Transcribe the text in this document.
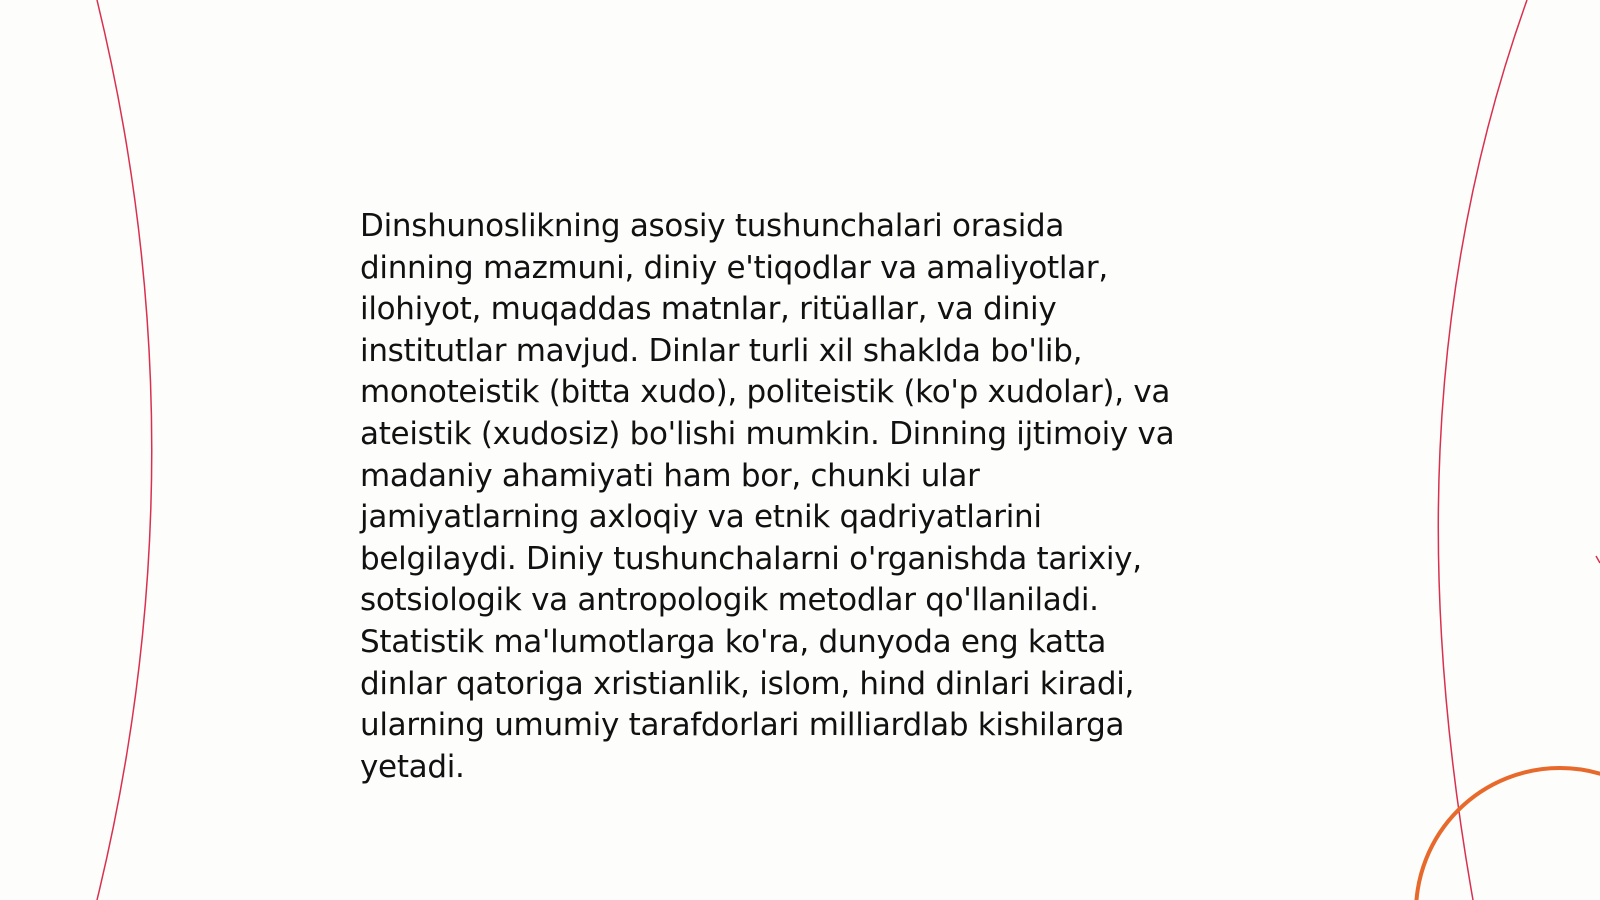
Dinshunoslikning asosiy tushunchalari orasida
dinning mazmuni, diniy e'tiqodlar va amaliyotlar,
ilohiyot, muqaddas matnlar, ritüallar, va diniy
institutlar mavjud. Dinlar turli xil shaklda bo'lib,
monoteistik (bitta xudo), politeistik (ko'p xudolar), va
ateistik (xudosiz) bo'lishi mumkin. Dinning ijtimoiy va
madaniy ahamiyati ham bor, chunki ular
jamiyatlarning axloqiy va etnik qadriyatlarini
belgilaydi. Diniy tushunchalarni o'rganishda tarixiy,
sotsiologik va antropologik metodlar qo'llaniladi.
Statistik ma'lumotlarga ko'ra, dunyoda eng katta
dinlar qatoriga xristianlik, islom, hind dinlari kiradi,
ularning umumiy tarafdorlari milliardlab kishilarga
yetadi.
